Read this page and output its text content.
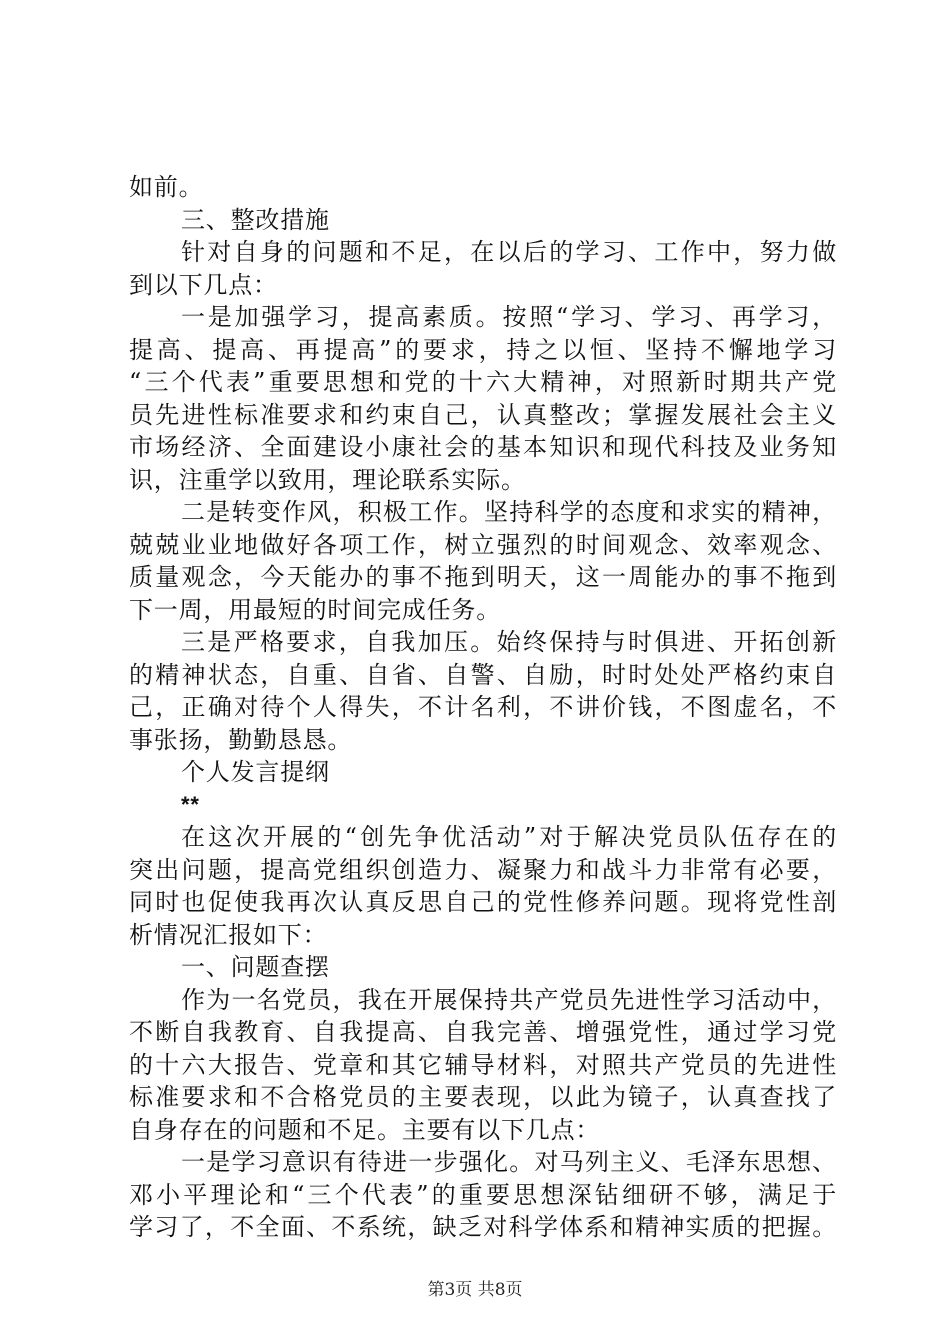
如前。
三、整改措施
针对自身的问题和不足，在以后的学习、工作中，努力做
到以下几点：
一是加强学习，提高素质。按照“学习、学习、再学习，
提高、提高、再提高”的要求，持之以恒、坚持不懈地学习
“三个代表”重要思想和党的十六大精神，对照新时期共产党
员先进性标准要求和约束自己，认真整改；掌握发展社会主义
市场经济、全面建设小康社会的基本知识和现代科技及业务知
识，注重学以致用，理论联系实际。
二是转变作风，积极工作。坚持科学的态度和求实的精神，
兢兢业业地做好各项工作，树立强烈的时间观念、效率观念、
质量观念，今天能办的事不拖到明天，这一周能办的事不拖到
下一周，用最短的时间完成任务。
三是严格要求，自我加压。始终保持与时俱进、开拓创新
的精神状态，自重、自省、自警、自励，时时处处严格约束自
己，正确对待个人得失，不计名利，不讲价钱，不图虚名，不
事张扬，勤勤恳恳。
个人发言提纲
**
在这次开展的“创先争优活动”对于解决党员队伍存在的
突出问题，提高党组织创造力、凝聚力和战斗力非常有必要，
同时也促使我再次认真反思自己的党性修养问题。现将党性剖
析情况汇报如下：
一、问题查摆
作为一名党员，我在开展保持共产党员先进性学习活动中，
不断自我教育、自我提高、自我完善、增强党性，通过学习党
的十六大报告、党章和其它辅导材料，对照共产党员的先进性
标准要求和不合格党员的主要表现，以此为镜子，认真查找了
自身存在的问题和不足。主要有以下几点：
一是学习意识有待进一步强化。对马列主义、毛泽东思想、
邓小平理论和“三个代表”的重要思想深钻细研不够，满足于
学习了，不全面、不系统，缺乏对科学体系和精神实质的把握。
第3页 共8页
